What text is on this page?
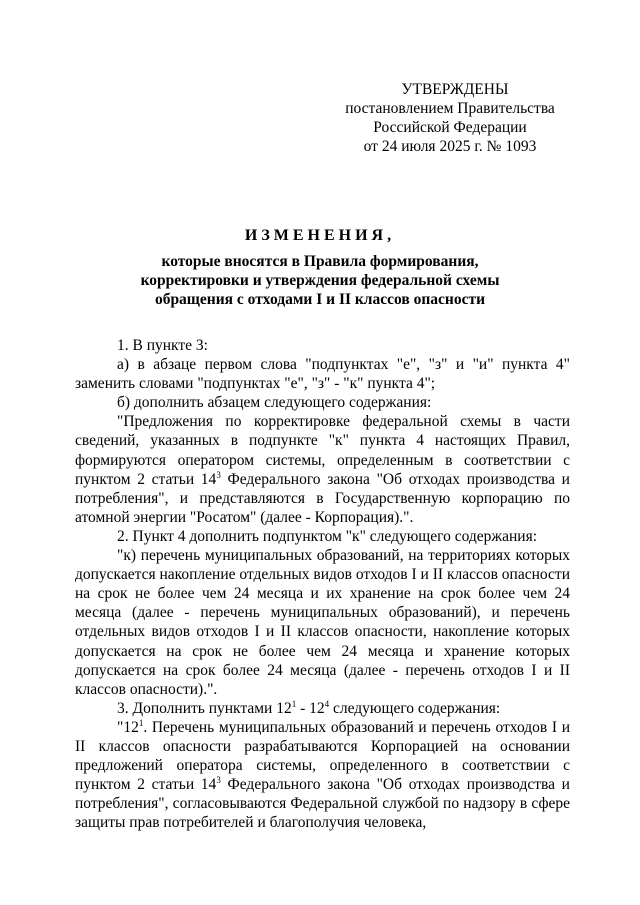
УТВЕРЖДЕНЫ
постановлением Правительства
Российской Федерации
от 24 июля 2025 г. № 1093
ИЗМЕНЕНИЯ,
которые вносятся в Правила формирования,
корректировки и утверждения федеральной схемы
обращения с отходами I и II классов опасности

1. В пункте 3:

а) в абзаце первом слова "подпунктах "е", "з" и "и" пункта 4" заменить словами "подпунктах "е", "з" - "к" пункта 4";

б) дополнить абзацем следующего содержания:

"Предложения по корректировке федеральной схемы в части сведений, указанных в подпункте "к" пункта 4 настоящих Правил, формируются оператором системы, определенным в соответствии с пунктом 2 статьи $14^3$ Федерального закона "Об отходах производства и потребления", и представляются в Государственную корпорацию по атомной энергии "Росатом" (далее - Корпорация).".

2. Пункт 4 дополнить подпунктом "к" следующего содержания:

"к) перечень муниципальных образований, на территориях которых допускается накопление отдельных видов отходов I и II классов опасности на срок не более чем 24 месяца и их хранение на срок более чем 24 месяца (далее - перечень муниципальных образований), и перечень отдельных видов отходов I и II классов опасности, накопление которых допускается на срок не более чем 24 месяца и хранение которых допускается на срок более 24 месяца (далее - перечень отходов I и II классов опасности).".

3. Дополнить пунктами $12^1 - 12^4$ следующего содержания:

"$12^1$. Перечень муниципальных образований и перечень отходов I и II классов опасности разрабатываются Корпорацией на основании предложений оператора системы, определенного в соответствии с пунктом 2 статьи $14^3$ Федерального закона "Об отходах производства и потребления", согласовываются Федеральной службой по надзору в сфере защиты прав потребителей и благополучия человека,
